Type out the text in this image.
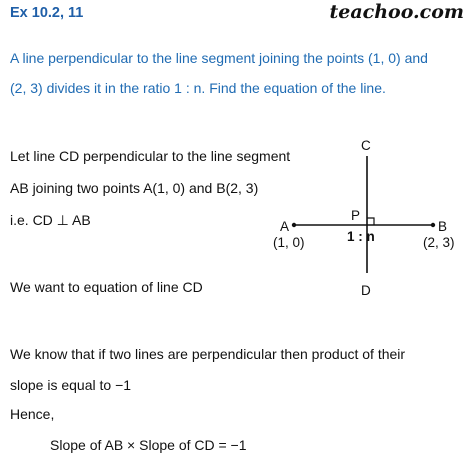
Ex 10.2, 11	teachoo.com
A line perpendicular to the line segment joining the points (1, 0) and
(2, 3) divides it in the ratio 1 : n. Find the equation of the line.
Let line CD perpendicular to the line segment
AB joining two points A(1, 0) and B(2, 3)
i.e. CD ⊥ AB
We want to equation of line CD
We know that if two lines are perpendicular then product of their
slope is equal to −1
Hence,
Slope of AB × Slope of CD = −1
C
D
A	B
P
(1, 0)	(2, 3)
1 : n
